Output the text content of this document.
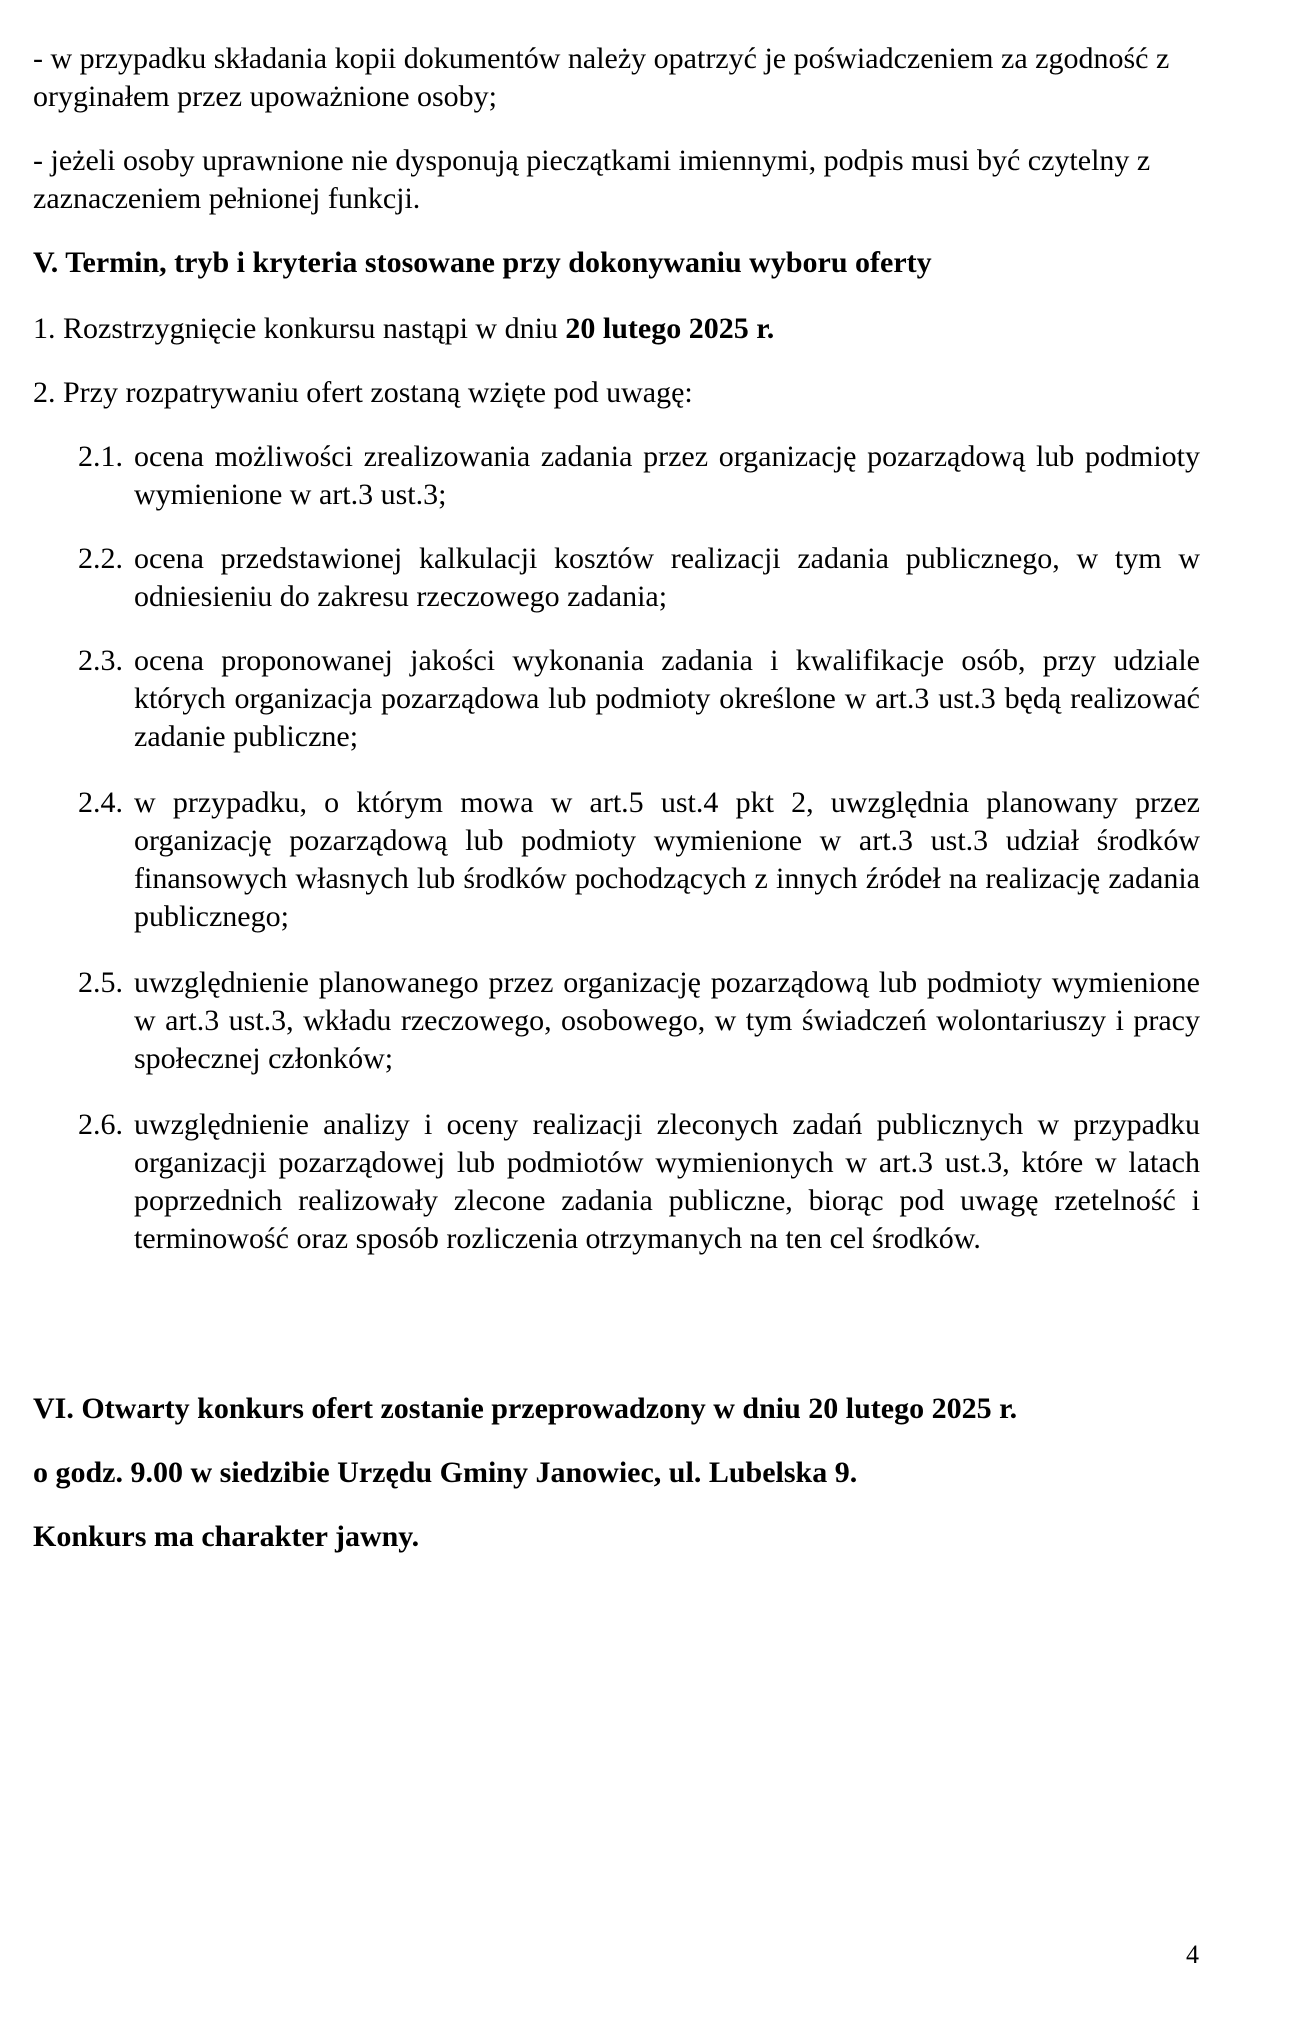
- w przypadku składania kopii dokumentów należy opatrzyć je poświadczeniem za zgodność z oryginałem przez upoważnione osoby;

- jeżeli osoby uprawnione nie dysponują pieczątkami imiennymi, podpis musi być czytelny z zaznaczeniem pełnionej funkcji.

V. Termin, tryb i kryteria stosowane przy dokonywaniu wyboru oferty

1. Rozstrzygnięcie konkursu nastąpi w dniu 20 lutego 2025 r.

2. Przy rozpatrywaniu ofert zostaną wzięte pod uwagę:

2.1. ocena możliwości zrealizowania zadania przez organizację pozarządową lub podmioty wymienione w art.3 ust.3;
2.2. ocena przedstawionej kalkulacji kosztów realizacji zadania publicznego, w tym w odniesieniu do zakresu rzeczowego zadania;
2.3. ocena proponowanej jakości wykonania zadania i kwalifikacje osób, przy udziale których organizacja pozarządowa lub podmioty określone w art.3 ust.3 będą realizować zadanie publiczne;
2.4. w przypadku, o którym mowa w art.5 ust.4 pkt 2, uwzględnia planowany przez organizację pozarządową lub podmioty wymienione w art.3 ust.3 udział środków finansowych własnych lub środków pochodzących z innych źródeł na realizację zadania publicznego;
2.5. uwzględnienie planowanego przez organizację pozarządową lub podmioty wymienione w art.3 ust.3, wkładu rzeczowego, osobowego, w tym świadczeń wolontariuszy i pracy społecznej członków;
2.6. uwzględnienie analizy i oceny realizacji zleconych zadań publicznych w przypadku organizacji pozarządowej lub podmiotów wymienionych w art.3 ust.3, które w latach poprzednich realizowały zlecone zadania publiczne, biorąc pod uwagę rzetelność i terminowość oraz sposób rozliczenia otrzymanych na ten cel środków.

VI. Otwarty konkurs ofert zostanie przeprowadzony w dniu 20 lutego 2025 r.

o godz. 9.00 w siedzibie Urzędu Gminy Janowiec, ul. Lubelska 9.

Konkurs ma charakter jawny.

4
